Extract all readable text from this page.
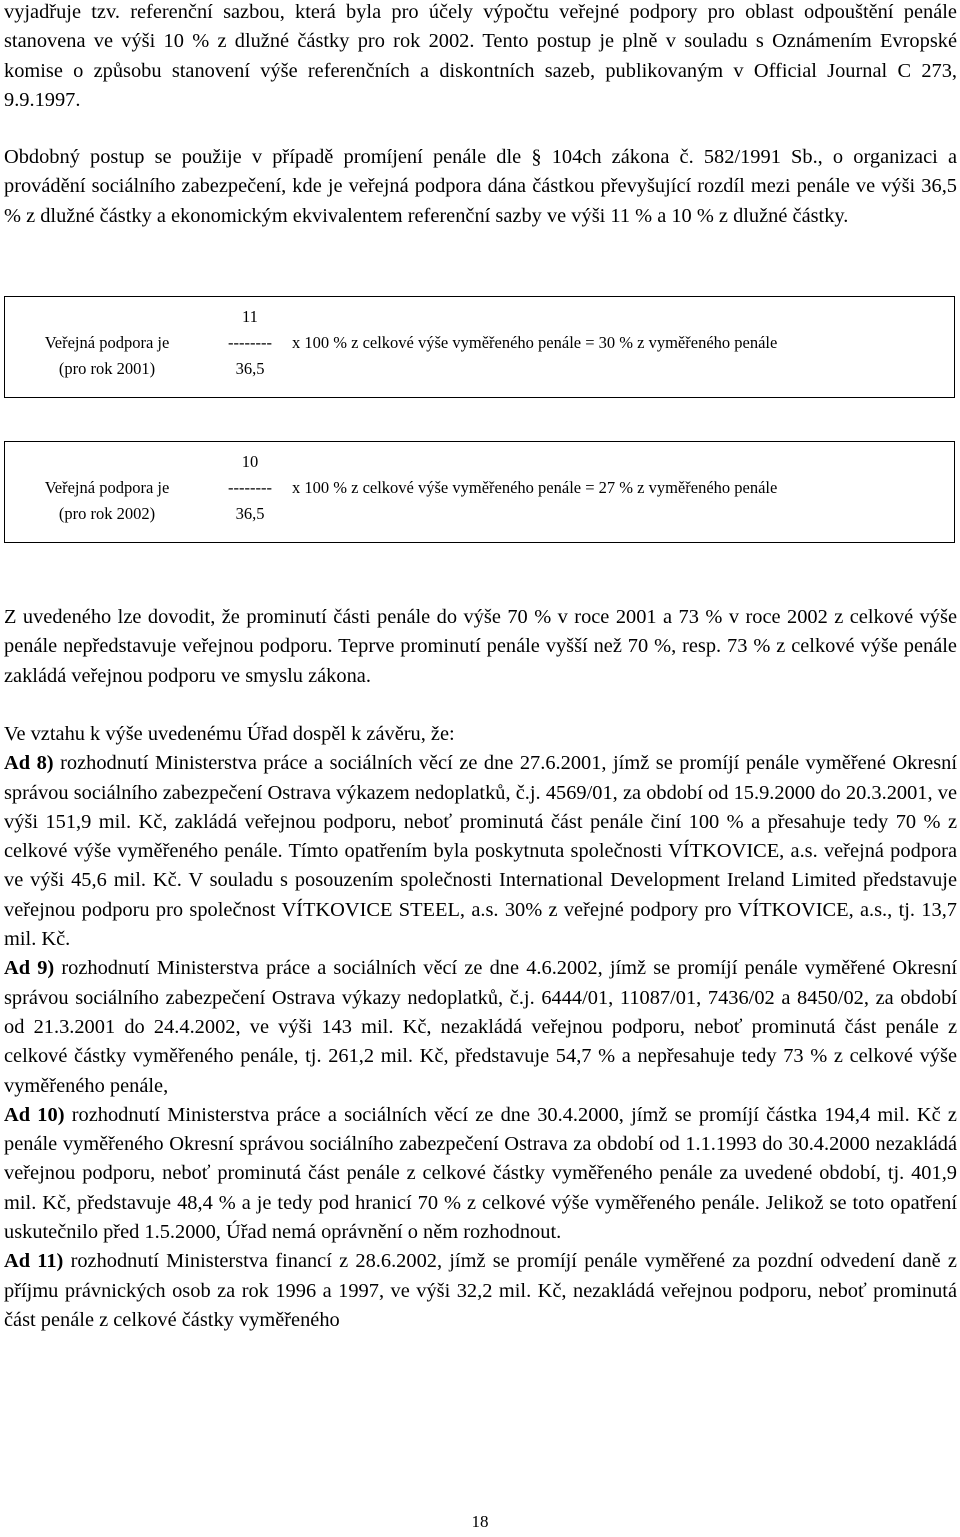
vyjadřuje tzv. referenční sazbou, která byla pro účely výpočtu veřejné podpory pro oblast odpouštění penále stanovena ve výši 10 % z dlužné částky pro rok 2002. Tento postup je plně v souladu s Oznámením Evropské komise o způsobu stanovení výše referenčních a diskontních sazeb, publikovaným v Official Journal C 273, 9.9.1997.

Obdobný postup se použije v případě promíjení penále dle § 104ch zákona č. 582/1991 Sb., o organizaci a provádění sociálního zabezpečení, kde je veřejná podpora dána částkou převyšující rozdíl mezi penále ve výši 36,5 % z dlužné částky a ekonomickým ekvivalentem referenční sazby ve výši 11 % a 10 % z dlužné částky.

Veřejná podpora je
(pro rok 2001)
11
--------
36,5
x 100 % z celkové výše vyměřeného penále = 30 % z vyměřeného penále
Veřejná podpora je
(pro rok 2002)
10
--------
36,5
x 100 % z celkové výše vyměřeného penále = 27 % z vyměřeného penále

Z uvedeného lze dovodit, že prominutí části penále do výše 70 % v roce 2001 a 73 % v roce 2002 z celkové výše penále nepředstavuje veřejnou podporu. Teprve prominutí penále vyšší než 70 %, resp. 73 % z celkové výše penále zakládá veřejnou podporu ve smyslu zákona.

Ve vztahu k výše uvedenému Úřad dospěl k závěru, že:

Ad 8) rozhodnutí Ministerstva práce a sociálních věcí ze dne 27.6.2001, jímž se promíjí penále vyměřené Okresní správou sociálního zabezpečení Ostrava výkazem nedoplatků, č.j. 4569/01, za období od 15.9.2000 do 20.3.2001, ve výši 151,9 mil. Kč, zakládá veřejnou podporu, neboť prominutá část penále činí 100 % a přesahuje tedy 70 % z celkové výše vyměřeného penále. Tímto opatřením byla poskytnuta společnosti VÍTKOVICE, a.s. veřejná podpora ve výši 45,6 mil. Kč. V souladu s posouzením společnosti International Development Ireland Limited představuje veřejnou podporu pro společnost VÍTKOVICE STEEL, a.s. 30% z veřejné podpory pro VÍTKOVICE, a.s., tj. 13,7 mil. Kč.

Ad 9) rozhodnutí Ministerstva práce a sociálních věcí ze dne 4.6.2002, jímž se promíjí penále vyměřené Okresní správou sociálního zabezpečení Ostrava výkazy nedoplatků, č.j. 6444/01, 11087/01, 7436/02 a 8450/02, za období od 21.3.2001 do 24.4.2002, ve výši 143 mil. Kč, nezakládá veřejnou podporu, neboť prominutá část penále z celkové částky vyměřeného penále, tj. 261,2 mil. Kč, představuje 54,7 % a nepřesahuje tedy 73 % z celkové výše vyměřeného penále,

Ad 10) rozhodnutí Ministerstva práce a sociálních věcí ze dne 30.4.2000, jímž se promíjí částka 194,4 mil. Kč z penále vyměřeného Okresní správou sociálního zabezpečení Ostrava za období od 1.1.1993 do 30.4.2000 nezakládá veřejnou podporu, neboť prominutá část penále z celkové částky vyměřeného penále za uvedené období, tj. 401,9 mil. Kč, představuje 48,4 % a je tedy pod hranicí 70 % z celkové výše vyměřeného penále. Jelikož se toto opatření uskutečnilo před 1.5.2000, Úřad nemá oprávnění o něm rozhodnout.

Ad 11) rozhodnutí Ministerstva financí z 28.6.2002, jímž se promíjí penále vyměřené za pozdní odvedení daně z příjmu právnických osob za rok 1996 a 1997, ve výši 32,2 mil. Kč, nezakládá veřejnou podporu, neboť prominutá část penále z celkové částky vyměřeného

18
